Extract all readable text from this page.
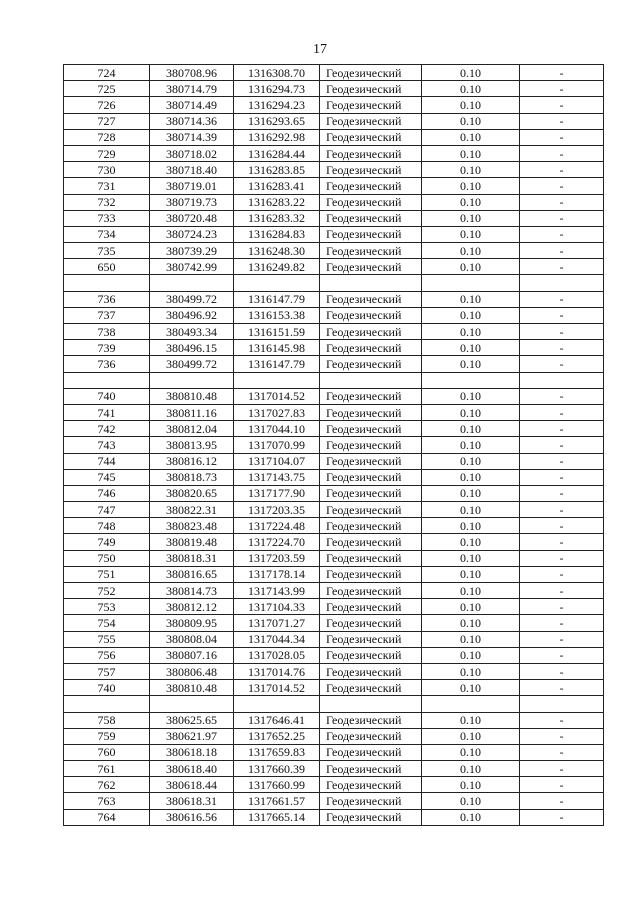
17
724	380708.96	1316308.70	Геодезический	0.10	-
725	380714.79	1316294.73	Геодезический	0.10	-
726	380714.49	1316294.23	Геодезический	0.10	-
727	380714.36	1316293.65	Геодезический	0.10	-
728	380714.39	1316292.98	Геодезический	0.10	-
729	380718.02	1316284.44	Геодезический	0.10	-
730	380718.40	1316283.85	Геодезический	0.10	-
731	380719.01	1316283.41	Геодезический	0.10	-
732	380719.73	1316283.22	Геодезический	0.10	-
733	380720.48	1316283.32	Геодезический	0.10	-
734	380724.23	1316284.83	Геодезический	0.10	-
735	380739.29	1316248.30	Геодезический	0.10	-
650	380742.99	1316249.82	Геодезический	0.10	-

736	380499.72	1316147.79	Геодезический	0.10	-
737	380496.92	1316153.38	Геодезический	0.10	-
738	380493.34	1316151.59	Геодезический	0.10	-
739	380496.15	1316145.98	Геодезический	0.10	-
736	380499.72	1316147.79	Геодезический	0.10	-

740	380810.48	1317014.52	Геодезический	0.10	-
741	380811.16	1317027.83	Геодезический	0.10	-
742	380812.04	1317044.10	Геодезический	0.10	-
743	380813.95	1317070.99	Геодезический	0.10	-
744	380816.12	1317104.07	Геодезический	0.10	-
745	380818.73	1317143.75	Геодезический	0.10	-
746	380820.65	1317177.90	Геодезический	0.10	-
747	380822.31	1317203.35	Геодезический	0.10	-
748	380823.48	1317224.48	Геодезический	0.10	-
749	380819.48	1317224.70	Геодезический	0.10	-
750	380818.31	1317203.59	Геодезический	0.10	-
751	380816.65	1317178.14	Геодезический	0.10	-
752	380814.73	1317143.99	Геодезический	0.10	-
753	380812.12	1317104.33	Геодезический	0.10	-
754	380809.95	1317071.27	Геодезический	0.10	-
755	380808.04	1317044.34	Геодезический	0.10	-
756	380807.16	1317028.05	Геодезический	0.10	-
757	380806.48	1317014.76	Геодезический	0.10	-
740	380810.48	1317014.52	Геодезический	0.10	-

758	380625.65	1317646.41	Геодезический	0.10	-
759	380621.97	1317652.25	Геодезический	0.10	-
760	380618.18	1317659.83	Геодезический	0.10	-
761	380618.40	1317660.39	Геодезический	0.10	-
762	380618.44	1317660.99	Геодезический	0.10	-
763	380618.31	1317661.57	Геодезический	0.10	-
764	380616.56	1317665.14	Геодезический	0.10	-
